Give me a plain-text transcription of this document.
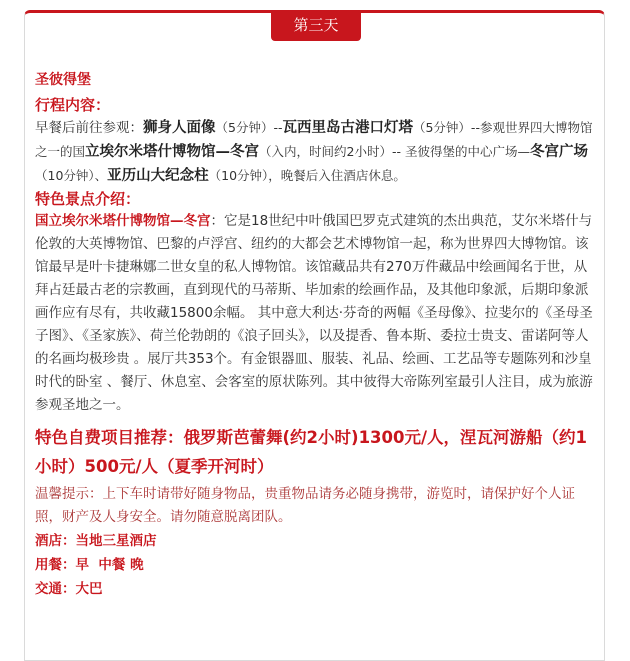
第三天

圣彼得堡

行程内容：

早餐后前往参观：狮身人面像（5分钟）--瓦西里岛古港口灯塔（5分钟）--参观世界四大博物馆之一的国立埃尔米塔什博物馆—冬宫（入内，时间约2小时）-- 圣彼得堡的中心广场—冬宫广场（10分钟）、亚历山大纪念柱（10分钟），晚餐后入住酒店休息。

特色景点介绍：

国立埃尔米塔什博物馆—冬宫：它是18世纪中叶俄国巴罗克式建筑的杰出典范，艾尔米塔什与伦敦的大英博物馆、巴黎的卢浮宫、纽约的大都会艺术博物馆一起，称为世界四大博物馆。该馆最早是叶卡捷琳娜二世女皇的私人博物馆。该馆藏品共有270万件藏品中绘画闻名于世，从拜占廷最古老的宗教画，直到现代的马蒂斯、毕加索的绘画作品，及其他印象派，后期印象派画作应有尽有，共收藏15800余幅。 其中意大利达·芬奇的两幅《圣母像》、拉斐尔的《圣母圣子图》、《圣家族》、荷兰伦勃朗的《浪子回头》，以及提香、鲁本斯、委拉士贵支、雷诺阿等人的名画均极珍贵 。展厅共353个。有金银器皿、服装、礼品、绘画、工艺品等专题陈列和沙皇时代的卧室 、餐厅、休息室、会客室的原状陈列。其中彼得大帝陈列室最引人注目，成为旅游参观圣地之一。

特色自费项目推荐：俄罗斯芭蕾舞(约2小时)1300元/人，涅瓦河游船（约1小时）500元/人（夏季开河时）

温馨提示：上下车时请带好随身物品，贵重物品请务必随身携带，游览时，请保护好个人证照，财产及人身安全。请勿随意脱离团队。

酒店：当地三星酒店

用餐：早  中餐 晚

交通：大巴
